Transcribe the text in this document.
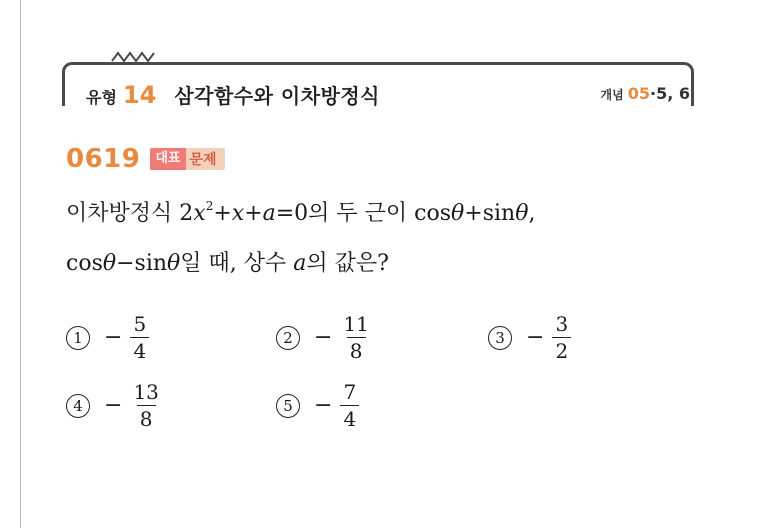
유형 14 삼각함수와 이차방정식	개념 05·5, 6
0619	대표 문제
이차방정식 $2x^2+x+a=0$의 두 근이 cosθ+sinθ,
cosθ−sinθ일 때, 상수 a의 값은?
$1 - \frac{5}{4}$	$2 - \frac{11}{8}$	$3 - \frac{3}{2}$
$4 - \frac{13}{8}$	$5 - \frac{7}{4}$
